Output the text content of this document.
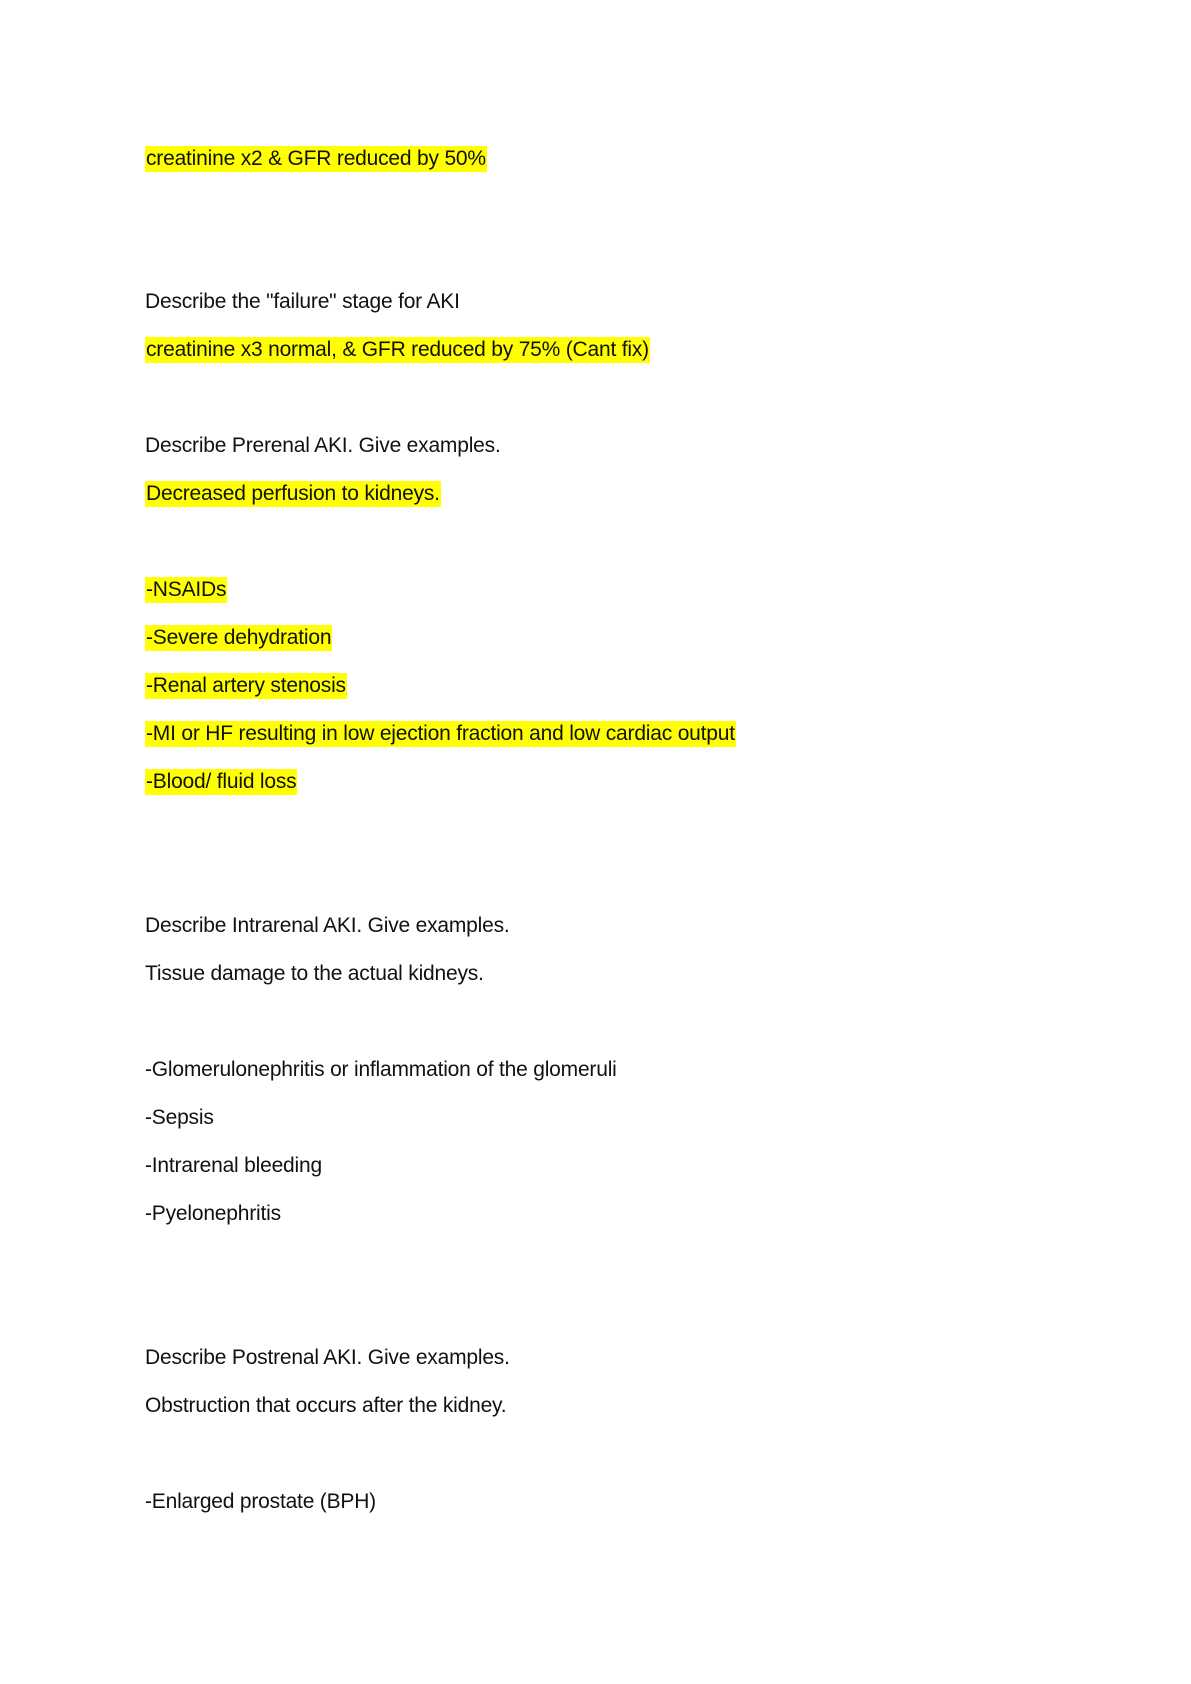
creatinine x2 & GFR reduced by 50%
Describe the "failure" stage for AKI
creatinine x3 normal, & GFR reduced by 75% (Cant fix)
Describe Prerenal AKI. Give examples.
Decreased perfusion to kidneys.
-NSAIDs
-Severe dehydration
-Renal artery stenosis
-MI or HF resulting in low ejection fraction and low cardiac output
-Blood/ fluid loss
Describe Intrarenal AKI. Give examples.
Tissue damage to the actual kidneys.
-Glomerulonephritis or inflammation of the glomeruli
-Sepsis
-Intrarenal bleeding
-Pyelonephritis
Describe Postrenal AKI. Give examples.
Obstruction that occurs after the kidney.
-Enlarged prostate (BPH)
